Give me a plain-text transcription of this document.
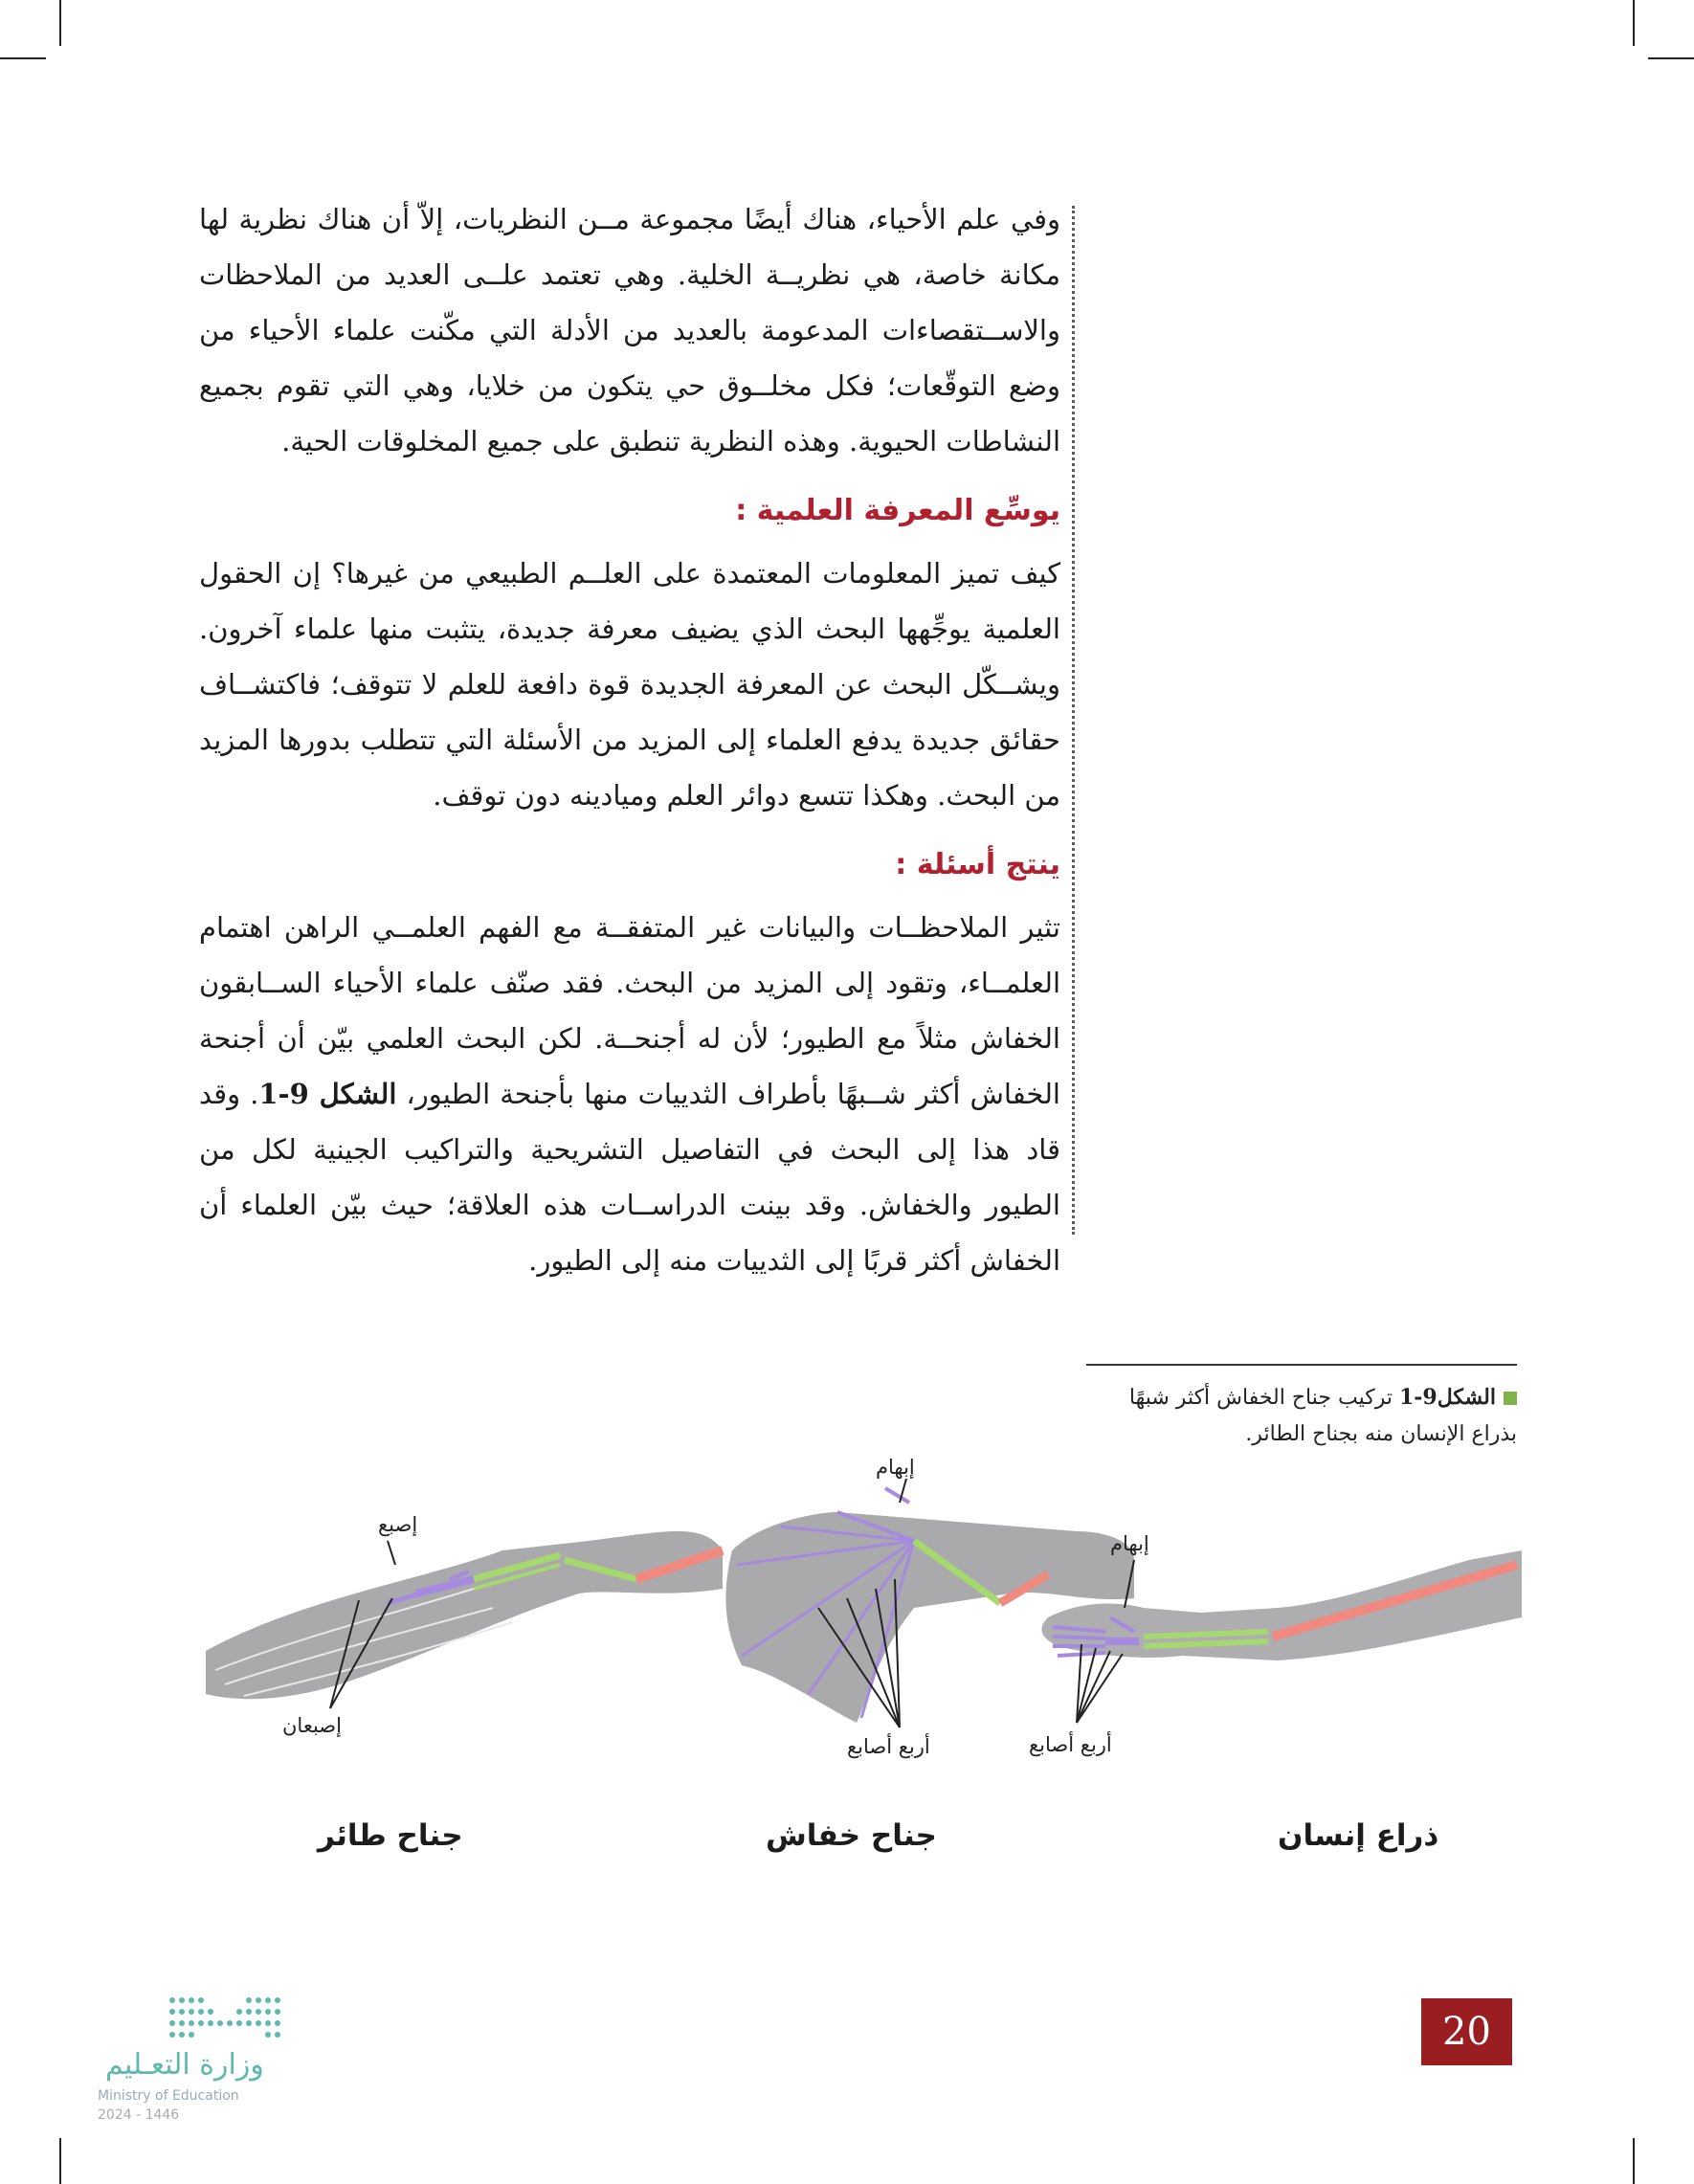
وفي علم الأحياء، هناك أيضًا مجموعة مــن النظريات، إلاّ أن هناك نظرية لها مكانة خاصة، هي نظريــة الخلية. وهي تعتمد علــى العديد من الملاحظات والاســتقصاءات المدعومة بالعديد من الأدلة التي مكّنت علماء الأحياء من وضع التوقّعات؛ فكل مخلــوق حي يتكون من خلايا، وهي التي تقوم بجميع النشاطات الحيوية. وهذه النظرية تنطبق على جميع المخلوقات الحية.

يوسِّع المعرفة العلمية :

كيف تميز المعلومات المعتمدة على العلــم الطبيعي من غيرها؟ إن الحقول العلمية يوجِّهها البحث الذي يضيف معرفة جديدة، يتثبت منها علماء آخرون. ويشــكّل البحث عن المعرفة الجديدة قوة دافعة للعلم لا تتوقف؛ فاكتشــاف حقائق جديدة يدفع العلماء إلى المزيد من الأسئلة التي تتطلب بدورها المزيد من البحث. وهكذا تتسع دوائر العلم وميادينه دون توقف.

ينتج أسئلة :

تثير الملاحظــات والبيانات غير المتفقــة مع الفهم العلمــي الراهن اهتمام العلمــاء، وتقود إلى المزيد من البحث. فقد صنّف علماء الأحياء الســابقون الخفاش مثلاً مع الطيور؛ لأن له أجنحــة. لكن البحث العلمي بيّن أن أجنحة الخفاش أكثر شــبهًا بأطراف الثدييات منها بأجنحة الطيور، الشكل 9-1. وقد قاد هذا إلى البحث في التفاصيل التشريحية والتراكيب الجينية لكل من الطيور والخفاش. وقد بينت الدراســات هذه العلاقة؛ حيث بيّن العلماء أن الخفاش أكثر قربًا إلى الثدييات منه إلى الطيور.

الشكل9-1 تركيب جناح الخفاش أكثر شبهًا بذراع الإنسان منه بجناح الطائر.
إصبع
إصبعان
إبهام
أربع أصابع
إبهام
أربع أصابع
جناح طائر	جناح خفاش	ذراع إنسان
20
وزارة التعـليم
Ministry of Education
2024 - 1446
